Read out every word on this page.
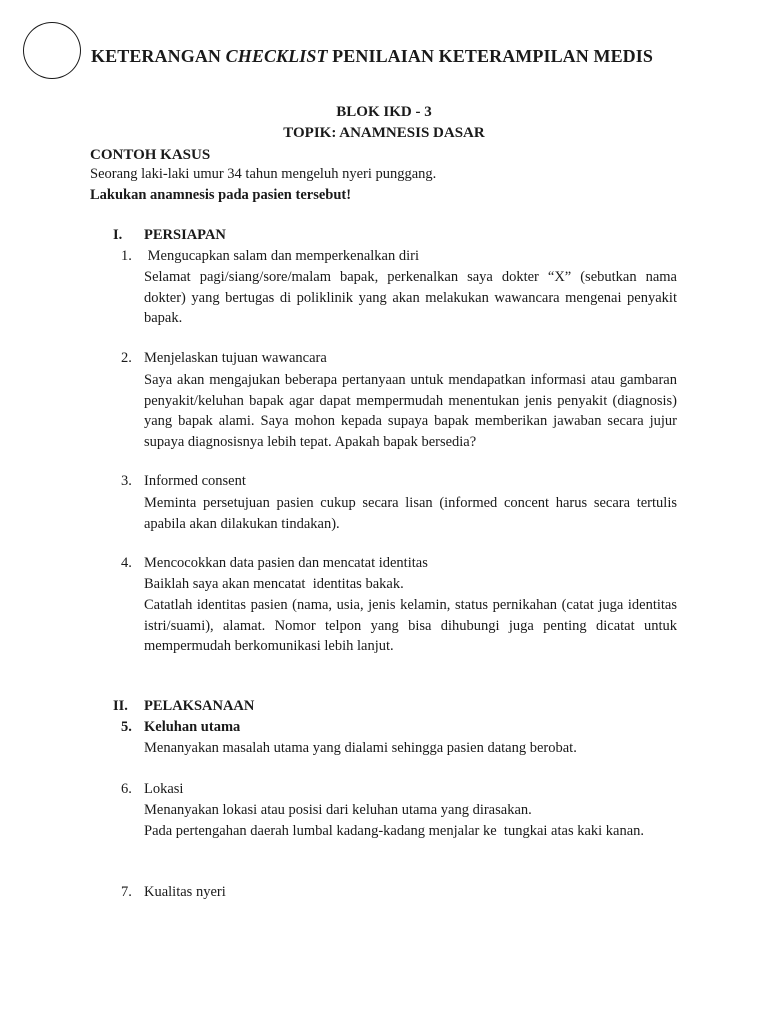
KETERANGAN CHECKLIST PENILAIAN KETERAMPILAN MEDIS
BLOK IKD - 3
TOPIK: ANAMNESIS DASAR
CONTOH KASUS
Seorang laki-laki umur 34 tahun mengeluh nyeri punggang.
Lakukan anamnesis pada pasien tersebut!
I. PERSIAPAN
1. Mengucapkan salam dan memperkenalkan diri

Selamat pagi/siang/sore/malam bapak, perkenalkan saya dokter “X” (sebutkan nama dokter) yang bertugas di poliklinik yang akan melakukan wawancara mengenai penyakit bapak.

2. Menjelaskan tujuan wawancara

Saya akan mengajukan beberapa pertanyaan untuk mendapatkan informasi atau gambaran  penyakit/keluhan bapak agar dapat mempermudah menentukan jenis penyakit (diagnosis) yang bapak alami. Saya mohon kepada supaya bapak memberikan jawaban secara jujur supaya diagnosisnya lebih tepat. Apakah bapak bersedia?

3. Informed consent

Meminta persetujuan pasien cukup secara lisan (informed concent harus secara tertulis apabila akan dilakukan tindakan).

4. Mencocokkan data pasien dan mencatat identitas
Baiklah saya akan mencatat  identitas bakak.

Catatlah identitas pasien (nama, usia, jenis kelamin, status pernikahan (catat juga identitas istri/suami), alamat. Nomor telpon yang bisa dihubungi juga penting dicatat untuk mempermudah berkomunikasi lebih lanjut.

II. PELAKSANAAN
5. Keluhan utama
Menanyakan masalah utama yang dialami sehingga pasien datang berobat.
6. Lokasi
Menanyakan lokasi atau posisi dari keluhan utama yang dirasakan.

Pada pertengahan daerah lumbal kadang-kadang menjalar ke  tungkai atas kaki kanan.

7. Kualitas nyeri
